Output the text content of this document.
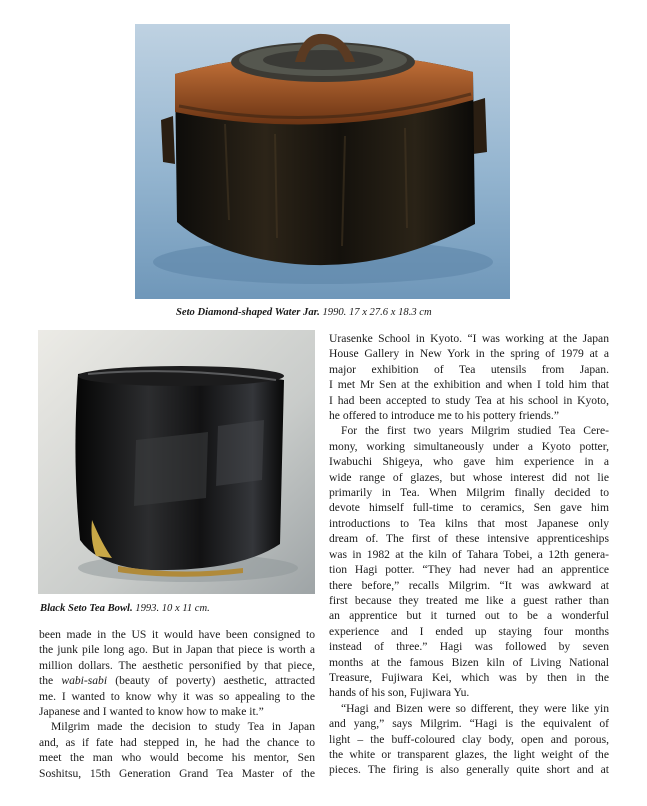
Seto Diamond-shaped Water Jar. 1990. 17 x 27.6 x 18.3 cm

Black Seto Tea Bowl. 1993. 10 x 11 cm.

been made in the US it would have been consigned to

the junk pile long ago. But in Japan that piece is worth a

million dollars. The aesthetic personified by that piece,

the wabi-sabi (beauty of poverty) aesthetic, attracted

me. I wanted to know why it was so appealing to the

Japanese and I wanted to know how to make it.”

Milgrim made the decision to study Tea in Japan

and, as if fate had stepped in, he had the chance to

meet the man who would become his mentor, Sen

Soshitsu, 15th Generation Grand Tea Master of the

Urasenke School in Kyoto. “I was working at the Japan

House Gallery in New York in the spring of 1979 at a

major exhibition of Tea utensils from Japan.

I met Mr Sen at the exhibition and when I told him that

I had been accepted to study Tea at his school in Kyoto,

he offered to introduce me to his pottery friends.”

For the first two years Milgrim studied Tea Cere-

mony, working simultaneously under a Kyoto potter,

Iwabuchi Shigeya, who gave him experience in a

wide range of glazes, but whose interest did not lie

primarily in Tea. When Milgrim finally decided to

devote himself full-time to ceramics, Sen gave him

introductions to Tea kilns that most Japanese only

dream of. The first of these intensive apprenticeships

was in 1982 at the kiln of Tahara Tobei, a 12th genera-

tion Hagi potter. “They had never had an apprentice

there before,” recalls Milgrim. “It was awkward at

first because they treated me like a guest rather than

an apprentice but it turned out to be a wonderful

experience and I ended up staying four months

instead of three.” Hagi was followed by seven

months at the famous Bizen kiln of Living National

Treasure, Fujiwara Kei, which was by then in the

hands of his son, Fujiwara Yu.

“Hagi and Bizen were so different, they were like yin

and yang,” says Milgrim. “Hagi is the equivalent of

light – the buff-coloured clay body, open and porous,

the white or transparent glazes, the light weight of the

pieces. The firing is also generally quite short and at
